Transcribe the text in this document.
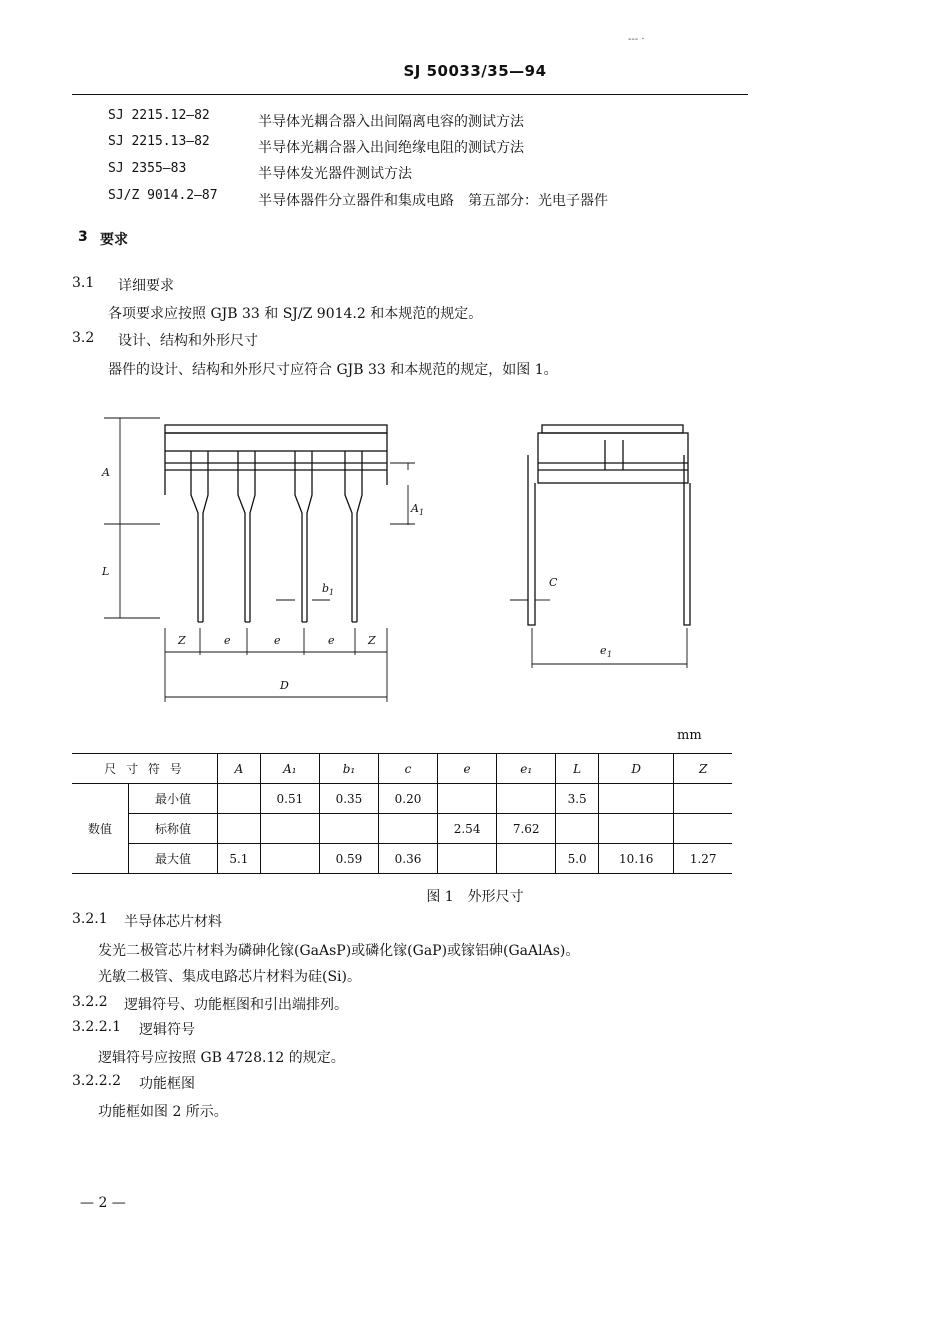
--- ·
SJ 50033/35—94
SJ 2215.12—82	半导体光耦合器入出间隔离电容的测试方法
SJ 2215.13—82	半导体光耦合器入出间绝缘电阻的测试方法
SJ 2355—83	半导体发光器件测试方法
SJ/Z 9014.2—87	半导体器件分立器件和集成电路　第五部分：光电子器件
3 要求
3.1 详细要求
各项要求应按照 GJB 33 和 SJ/Z 9014.2 和本规范的规定。
3.2 设计、结构和外形尺寸
器件的设计、结构和外形尺寸应符合 GJB 33 和本规范的规定，如图 1。
A
L
A 1
b 1
Z	e	e	e	Z
D
C
e 1
mm
尺 寸 符 号		A	A₁	b₁	c	e	e₁	L	D	Z
数值	最小值		0.51	0.35	0.20			3.5		
	标称值					2.54	7.62			
	最大值	5.1		0.59	0.36			5.0	10.16	1.27
图 1　外形尺寸
3.2.1 半导体芯片材料
发光二极管芯片材料为磷砷化镓(GaAsP)或磷化镓(GaP)或镓铝砷(GaAlAs)。
光敏二极管、集成电路芯片材料为硅(Si)。
3.2.2 逻辑符号、功能框图和引出端排列。
3.2.2.1 逻辑符号
逻辑符号应按照 GB 4728.12 的规定。
3.2.2.2 功能框图
功能框如图 2 所示。
— 2 —
